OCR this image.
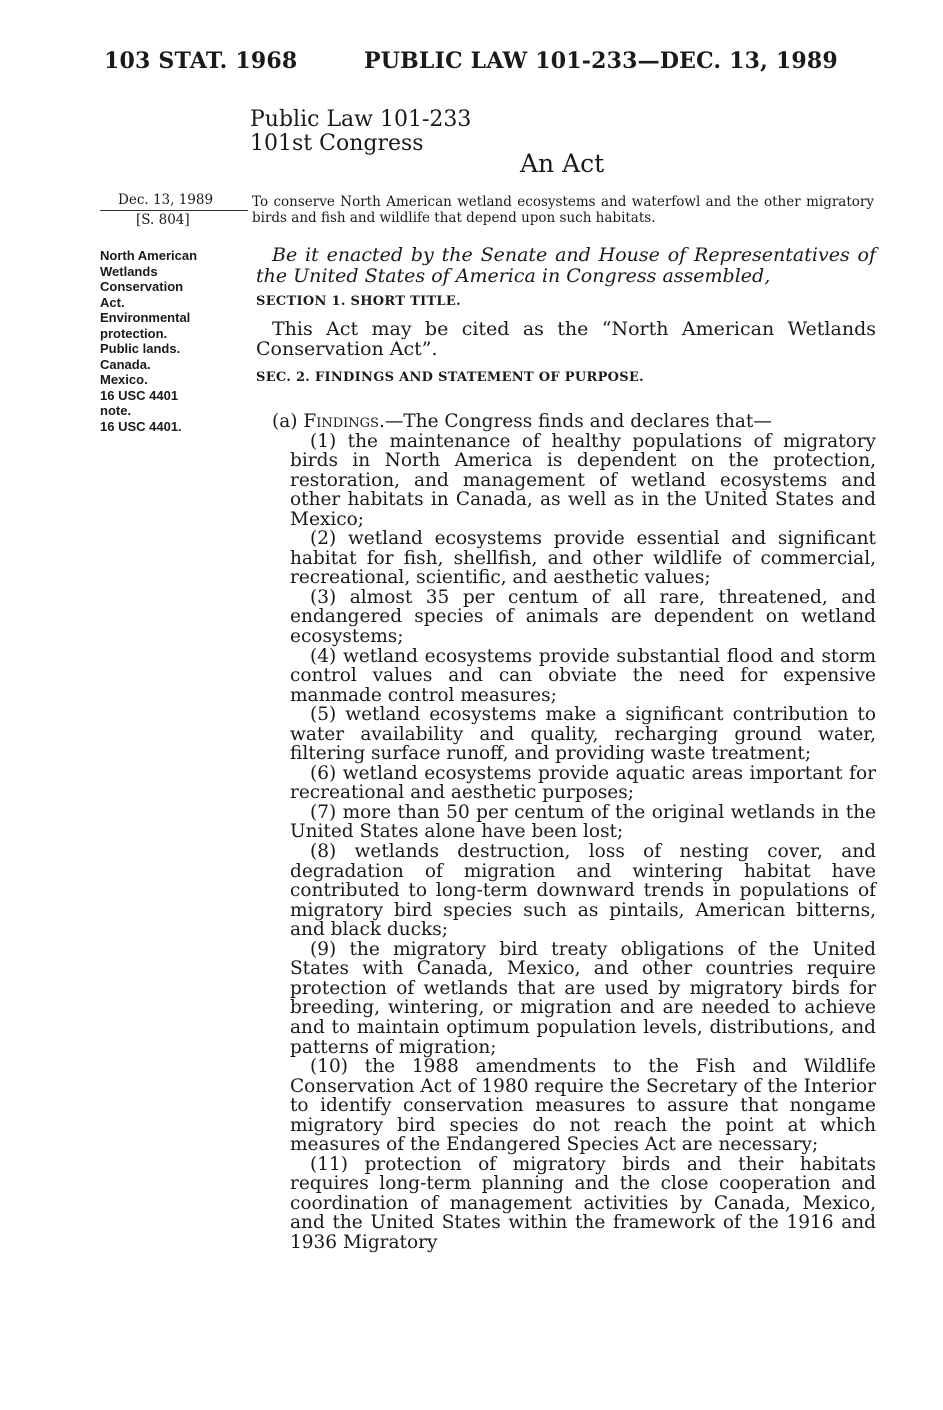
103 STAT. 1968	PUBLIC LAW 101-233—DEC. 13, 1989
Public Law 101-233
101st Congress
An Act
Dec. 13, 1989
[S. 804]
North American
Wetlands
Conservation
Act.
Environmental
protection.
Public lands.
Canada.
Mexico.
16 USC 4401
note.
16 USC 4401.
To conserve North American wetland ecosystems and waterfowl and the other migratory birds and fish and wildlife that depend upon such habitats.
Be it enacted by the Senate and House of Representatives of the United States of America in Congress assembled,
SECTION 1. SHORT TITLE.
This Act may be cited as the “North American Wetlands Conservation Act”.
SEC. 2. FINDINGS AND STATEMENT OF PURPOSE.
(a) Findings.—The Congress finds and declares that—
(1) the maintenance of healthy populations of migratory birds in North America is dependent on the protection, restoration, and management of wetland ecosystems and other habitats in Canada, as well as in the United States and Mexico;
(2) wetland ecosystems provide essential and significant habitat for fish, shellfish, and other wildlife of commercial, recreational, scientific, and aesthetic values;
(3) almost 35 per centum of all rare, threatened, and endangered species of animals are dependent on wetland ecosystems;
(4) wetland ecosystems provide substantial flood and storm control values and can obviate the need for expensive manmade control measures;
(5) wetland ecosystems make a significant contribution to water availability and quality, recharging ground water, filtering surface runoff, and providing waste treatment;
(6) wetland ecosystems provide aquatic areas important for recreational and aesthetic purposes;
(7) more than 50 per centum of the original wetlands in the United States alone have been lost;
(8) wetlands destruction, loss of nesting cover, and degradation of migration and wintering habitat have contributed to long-term downward trends in populations of migratory bird species such as pintails, American bitterns, and black ducks;
(9) the migratory bird treaty obligations of the United States with Canada, Mexico, and other countries require protection of wetlands that are used by migratory birds for breeding, wintering, or migration and are needed to achieve and to maintain optimum population levels, distributions, and patterns of migration;
(10) the 1988 amendments to the Fish and Wildlife Conservation Act of 1980 require the Secretary of the Interior to identify conservation measures to assure that nongame migratory bird species do not reach the point at which measures of the Endangered Species Act are necessary;
(11) protection of migratory birds and their habitats requires long-term planning and the close cooperation and coordination of management activities by Canada, Mexico, and the United States within the framework of the 1916 and 1936 Migratory
